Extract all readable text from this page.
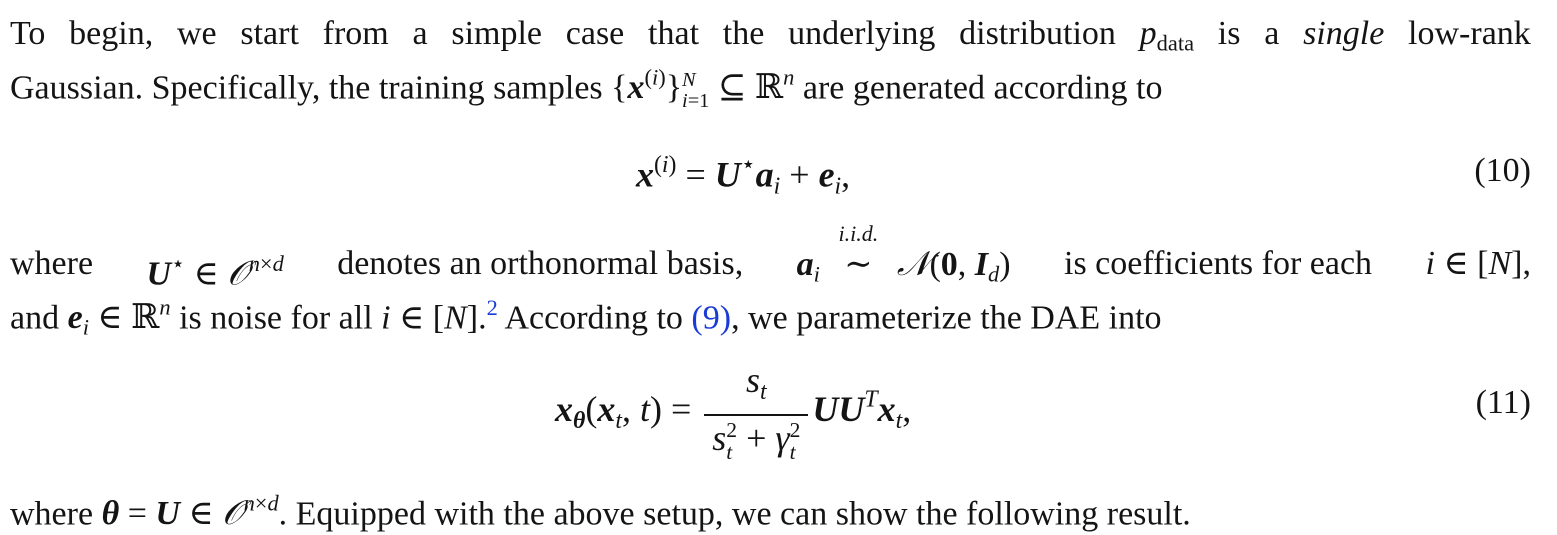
To begin, we start from a simple case that the underlying distribution $p_{data}$ is a single low-rank
Gaussian. Specifically, the training samples $\{x^{(i)}\}$ N
i=1 ⊆ ℝ$^n$ are generated according to
$x^{(i)} = U^⋆a_i + e_i$,	(10)
where U⋆ ∈ 𝒪$^{n\times d}$ denotes an orthonormal basis, $a_i$
i.i.d.
∼ 𝒩(0, $I_d$) is coefficients for each i ∈ [N],
and $e_i$ ∈ ℝ$^n$ is noise for all i ∈ [N].$^2$ According to (9), we parameterize the DAE into
$x_\theta(x_t$, $t) = s_t$
s 2
t + γ 2
t $UU^Tx_t$,	(11)
where θ = U ∈ 𝒪$^{n\times d}$. Equipped with the above setup, we can show the following result.
